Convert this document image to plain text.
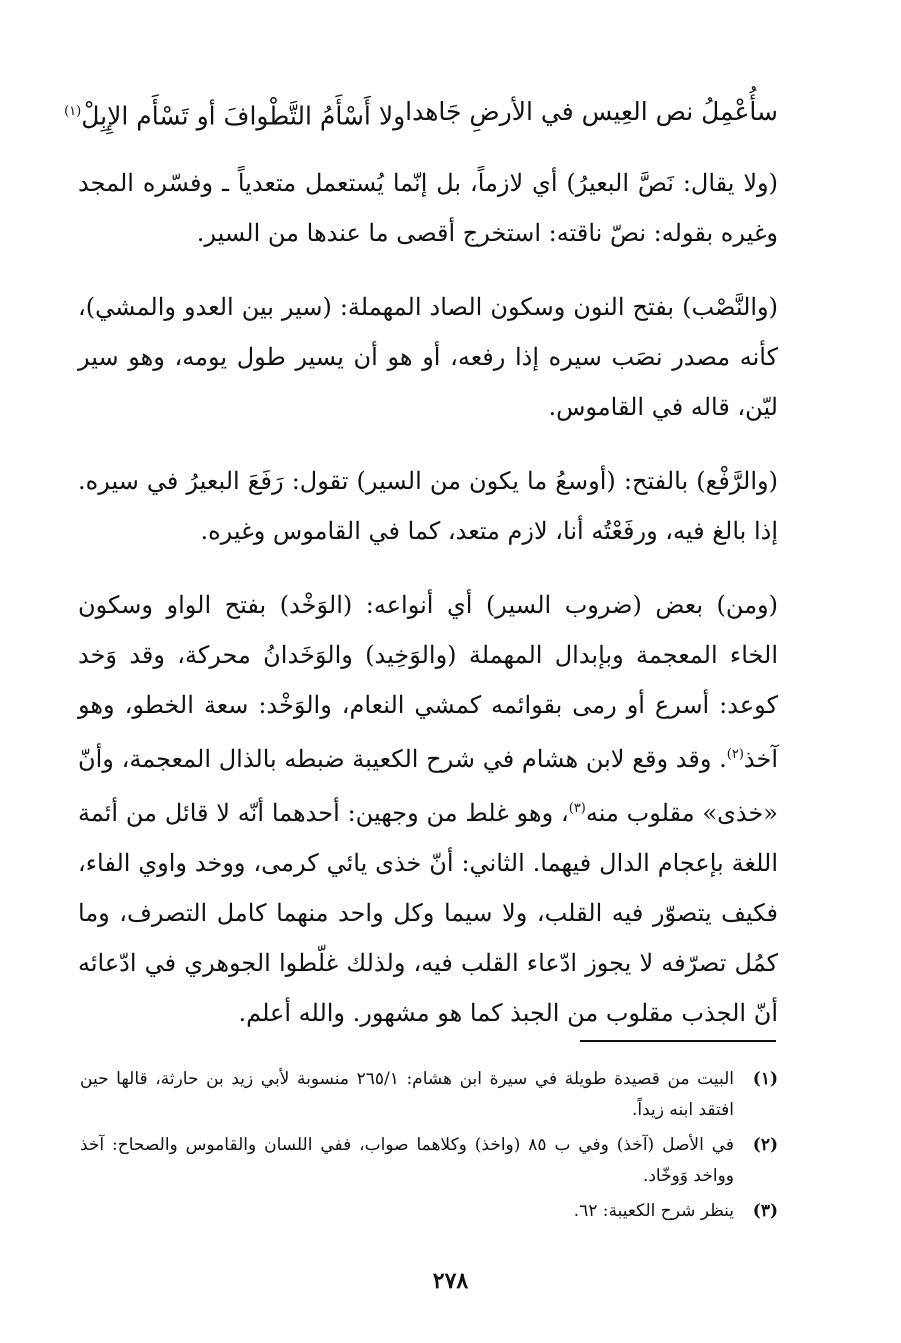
سأُعْمِلُ نص العِيس في الأرضِ جَاهدا
ولا أَسْأَمُ التَّطْوافَ أو تَسْأَم الإِبِلْ$^{(١)}$

(ولا يقال: نَصَّ البعيرُ) أي لازماً، بل إنّما يُستعمل متعدياً ـ وفسّره المجد وغيره بقوله: نصّ ناقته: استخرج أقصى ما عندها من السير.

(والنَّصْب) بفتح النون وسكون الصاد المهملة: (سير بين العدو والمشي)، كأنه مصدر نصَب سيره إذا رفعه، أو هو أن يسير طول يومه، وهو سير ليّن، قاله في القاموس.

(والرَّفْع) بالفتح: (أوسعُ ما يكون من السير) تقول: رَفَعَ البعيرُ في سيره. إذا بالغ فيه، ورفَعْتُه أنا، لازم متعد، كما في القاموس وغيره.

(ومن) بعض (ضروب السير) أي أنواعه: (الوَخْد) بفتح الواو وسكون الخاء المعجمة وبإبدال المهملة (والوَخِيد) والوَخَدانُ محركة، وقد وَخد كوعد: أسرع أو رمى بقوائمه كمشي النعام، والوَخْد: سعة الخطو، وهو آخذ$^{(٢)}$. وقد وقع لابن هشام في شرح الكعيبة ضبطه بالذال المعجمة، وأنّ «خذى» مقلوب منه$^{(٣)}$، وهو غلط من وجهين: أحدهما أنّه لا قائل من أئمة اللغة بإعجام الدال فيهما. الثاني: أنّ خذى يائي كرمى، ووخد واوي الفاء، فكيف يتصوّر فيه القلب، ولا سيما وكل واحد منهما كامل التصرف، وما كمُل تصرّفه لا يجوز ادّعاء القلب فيه، ولذلك غلّطوا الجوهري في ادّعائه أنّ الجذب مقلوب من الجبذ كما هو مشهور. والله أعلم.

(١)
البيت من قصيدة طويلة في سيرة ابن هشام: ٢٦٥/١ منسوبة لأبي زيد بن حارثة، قالها حين افتقد ابنه زيداً.
(٢)
في الأصل (آخذ) وفي ب ٨٥ (واخذ) وكلاهما صواب، ففي اللسان والقاموس والصحاح: آخذ وواخد وَوخّاد.
(٣)
ينظر شرح الكعيبة: ٦٢.
٢٧٨
